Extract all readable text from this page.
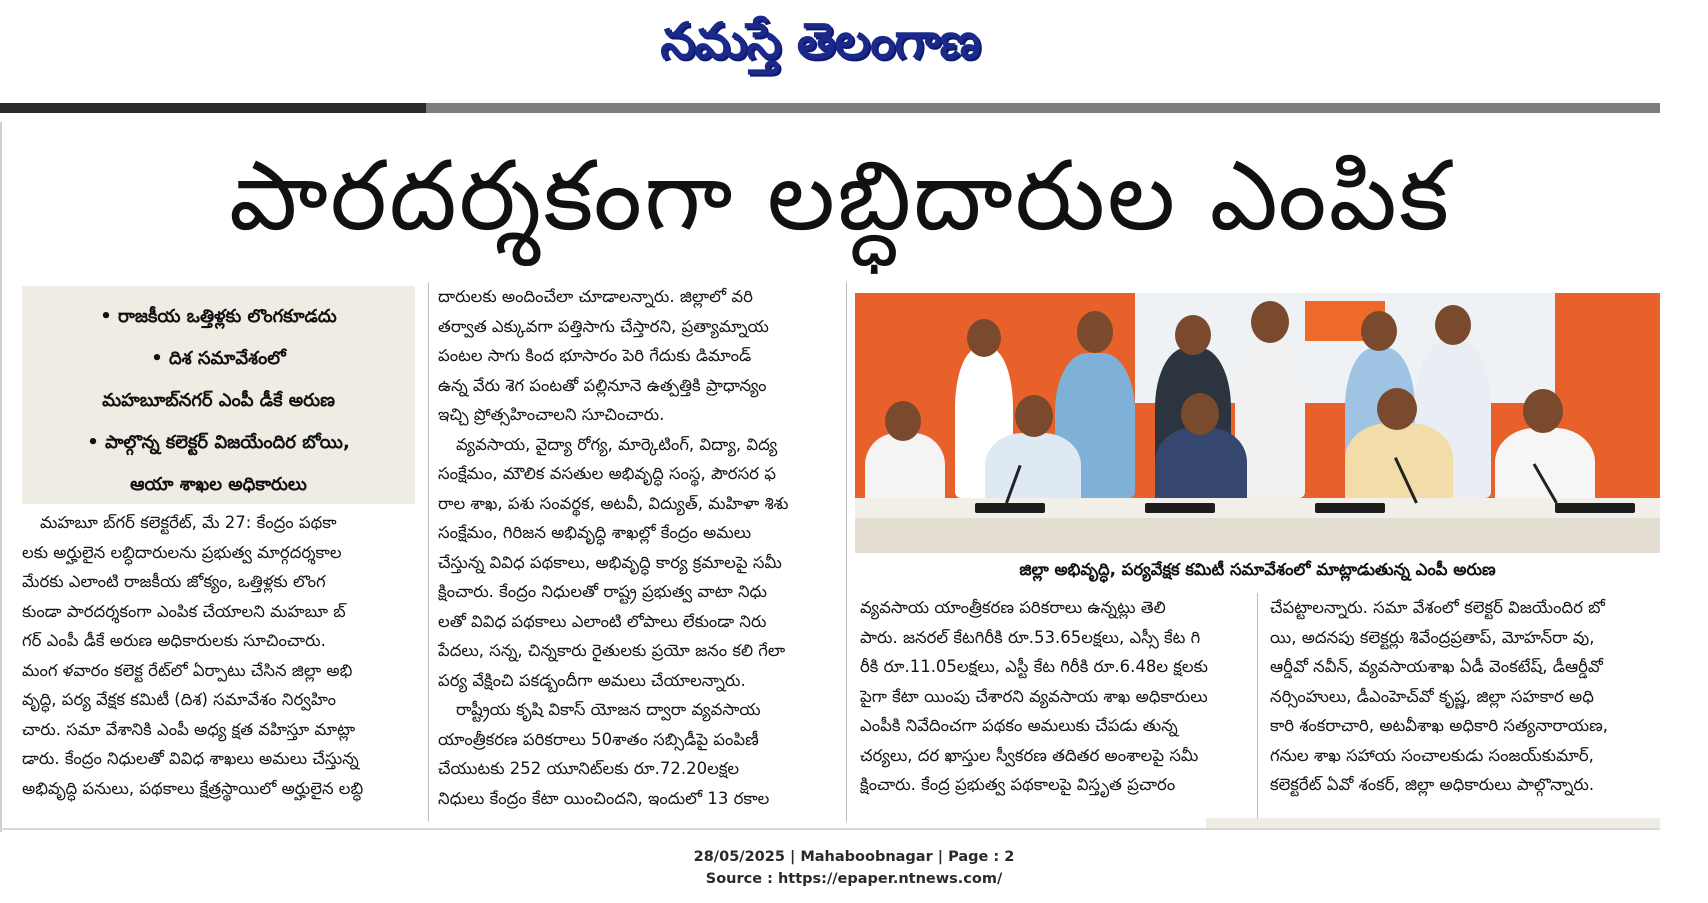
నమస్తే తెలంగాణ
పారదర్శకంగా లబ్ధిదారుల ఎంపిక
• రాజకీయ ఒత్తిళ్లకు లొంగకూడదు
• దిశ సమావేశంలో
మహబూబ్‌నగర్ ఎంపీ డీకే అరుణ
• పాల్గొన్న కలెక్టర్ విజయేందిర బోయి,
ఆయా శాఖల అధికారులు

మహబూ బ్‌గర్ కలెక్టరేట్, మే 27: కేంద్రం పథకా

లకు అర్హులైన లబ్ధిదారులను ప్రభుత్వ మార్గదర్శకాల

మేరకు ఎలాంటి రాజకీయ జోక్యం, ఒత్తిళ్లకు లొంగ

కుండా పారదర్శకంగా ఎంపిక చేయాలని మహబూ బ్

గర్ ఎంపీ డీకే అరుణ అధికారులకు సూచించారు.

మంగ ళవారం కలెక్ట రేట్‌లో ఏర్పాటు చేసిన జిల్లా అభి

వృద్ధి, పర్య వేక్షక కమిటీ (దిశ) సమావేశం నిర్వహిం

చారు. సమా వేశానికి ఎంపీ అధ్య క్షత వహిస్తూ మాట్లా

డారు. కేంద్రం నిధులతో వివిధ శాఖలు అమలు చేస్తున్న

అభివృద్ధి పనులు, పథకాలు క్షేత్రస్థాయిలో అర్హులైన లబ్ధి

దారులకు అందించేలా చూడాలన్నారు. జిల్లాలో వరి

తర్వాత ఎక్కువగా పత్తిసాగు చేస్తారని, ప్రత్యామ్నాయ

పంటల సాగు కింద భూసారం పెరి గేదుకు డిమాండ్

ఉన్న వేరు శెగ పంటతో పల్లినూనె ఉత్పత్తికి ప్రాధాన్యం

ఇచ్చి ప్రోత్సహించాలని సూచించారు.

వ్యవసాయ, వైద్యా రోగ్య, మార్కెటింగ్, విద్యా, విద్య

సంక్షేమం, మౌలిక వసతుల అభివృద్ధి సంస్థ, పౌరసర ఫ

రాల శాఖ, పశు సంవర్థక, అటవీ, విద్యుత్, మహిళా శిశు

సంక్షేమం, గిరిజన అభివృద్ధి శాఖల్లో కేంద్రం అమలు

చేస్తున్న వివిధ పథకాలు, అభివృద్ధి కార్య క్రమాలపై సమీ

క్షించారు. కేంద్రం నిధులతో రాష్ట్ర ప్రభుత్వ వాటా నిధు

లతో వివిధ పథకాలు ఎలాంటి లోపాలు లేకుండా నిరు

పేదలు, సన్న, చిన్నకారు రైతులకు ప్రయో జనం కలి గేలా

పర్య వేక్షించి పకడ్బందీగా అమలు చేయాలన్నారు.

రాష్ట్రీయ కృషి వికాస్ యోజన ద్వారా వ్యవసాయ

యాంత్రీకరణ పరికరాలు 50శాతం సబ్సిడీపై పంపిణీ

చేయుటకు 252 యూనిట్‌లకు రూ.72.20లక్షల

నిధులు కేంద్రం కేటా యించిందని, ఇందులో 13 రకాల

జిల్లా అభివృద్ధి, పర్యవేక్షక కమిటీ సమావేశంలో మాట్లాడుతున్న ఎంపీ అరుణ

వ్యవసాయ యాంత్రీకరణ పరికరాలు ఉన్నట్లు తెలి

పారు. జనరల్ కేటగిరీకి రూ.53.65లక్షలు, ఎస్సీ కేట గి

రీకి రూ.11.05లక్షలు, ఎస్టీ కేట గిరీకి రూ.6.48ల క్షలకు

పైగా కేటా యింపు చేశారని వ్యవసాయ శాఖ అధికారులు

ఎంపీకి నివేదించగా పథకం అమలుకు చేపడు తున్న

చర్యలు, దర ఖాస్తుల స్వీకరణ తదితర అంశాలపై సమీ

క్షించారు. కేంద్ర ప్రభుత్వ పథకాలపై విస్తృత ప్రచారం

చేపట్టాలన్నారు. సమా వేశంలో కలెక్టర్ విజయేందిర బో

యి, అదనపు కలెక్టర్లు శివేంద్రప్రతాప్, మోహన్‌రా వు,

ఆర్డీవో నవీన్, వ్యవసాయశాఖ ఏడీ వెంకటేష్, డీఆర్డీవో

నర్సింహులు, డీఎంహెచ్‌వో కృష్ణ, జిల్లా సహకార అధి

కారి శంకరాచారి, అటవీశాఖ అధికారి సత్యనారాయణ,

గనుల శాఖ సహాయ సంచాలకుడు సంజయ్‌కుమార్,

కలెక్టరేట్ ఏవో శంకర్, జిల్లా అధికారులు పాల్గొన్నారు.

28/05/2025 | Mahaboobnagar | Page : 2
Source : https://epaper.ntnews.com/
